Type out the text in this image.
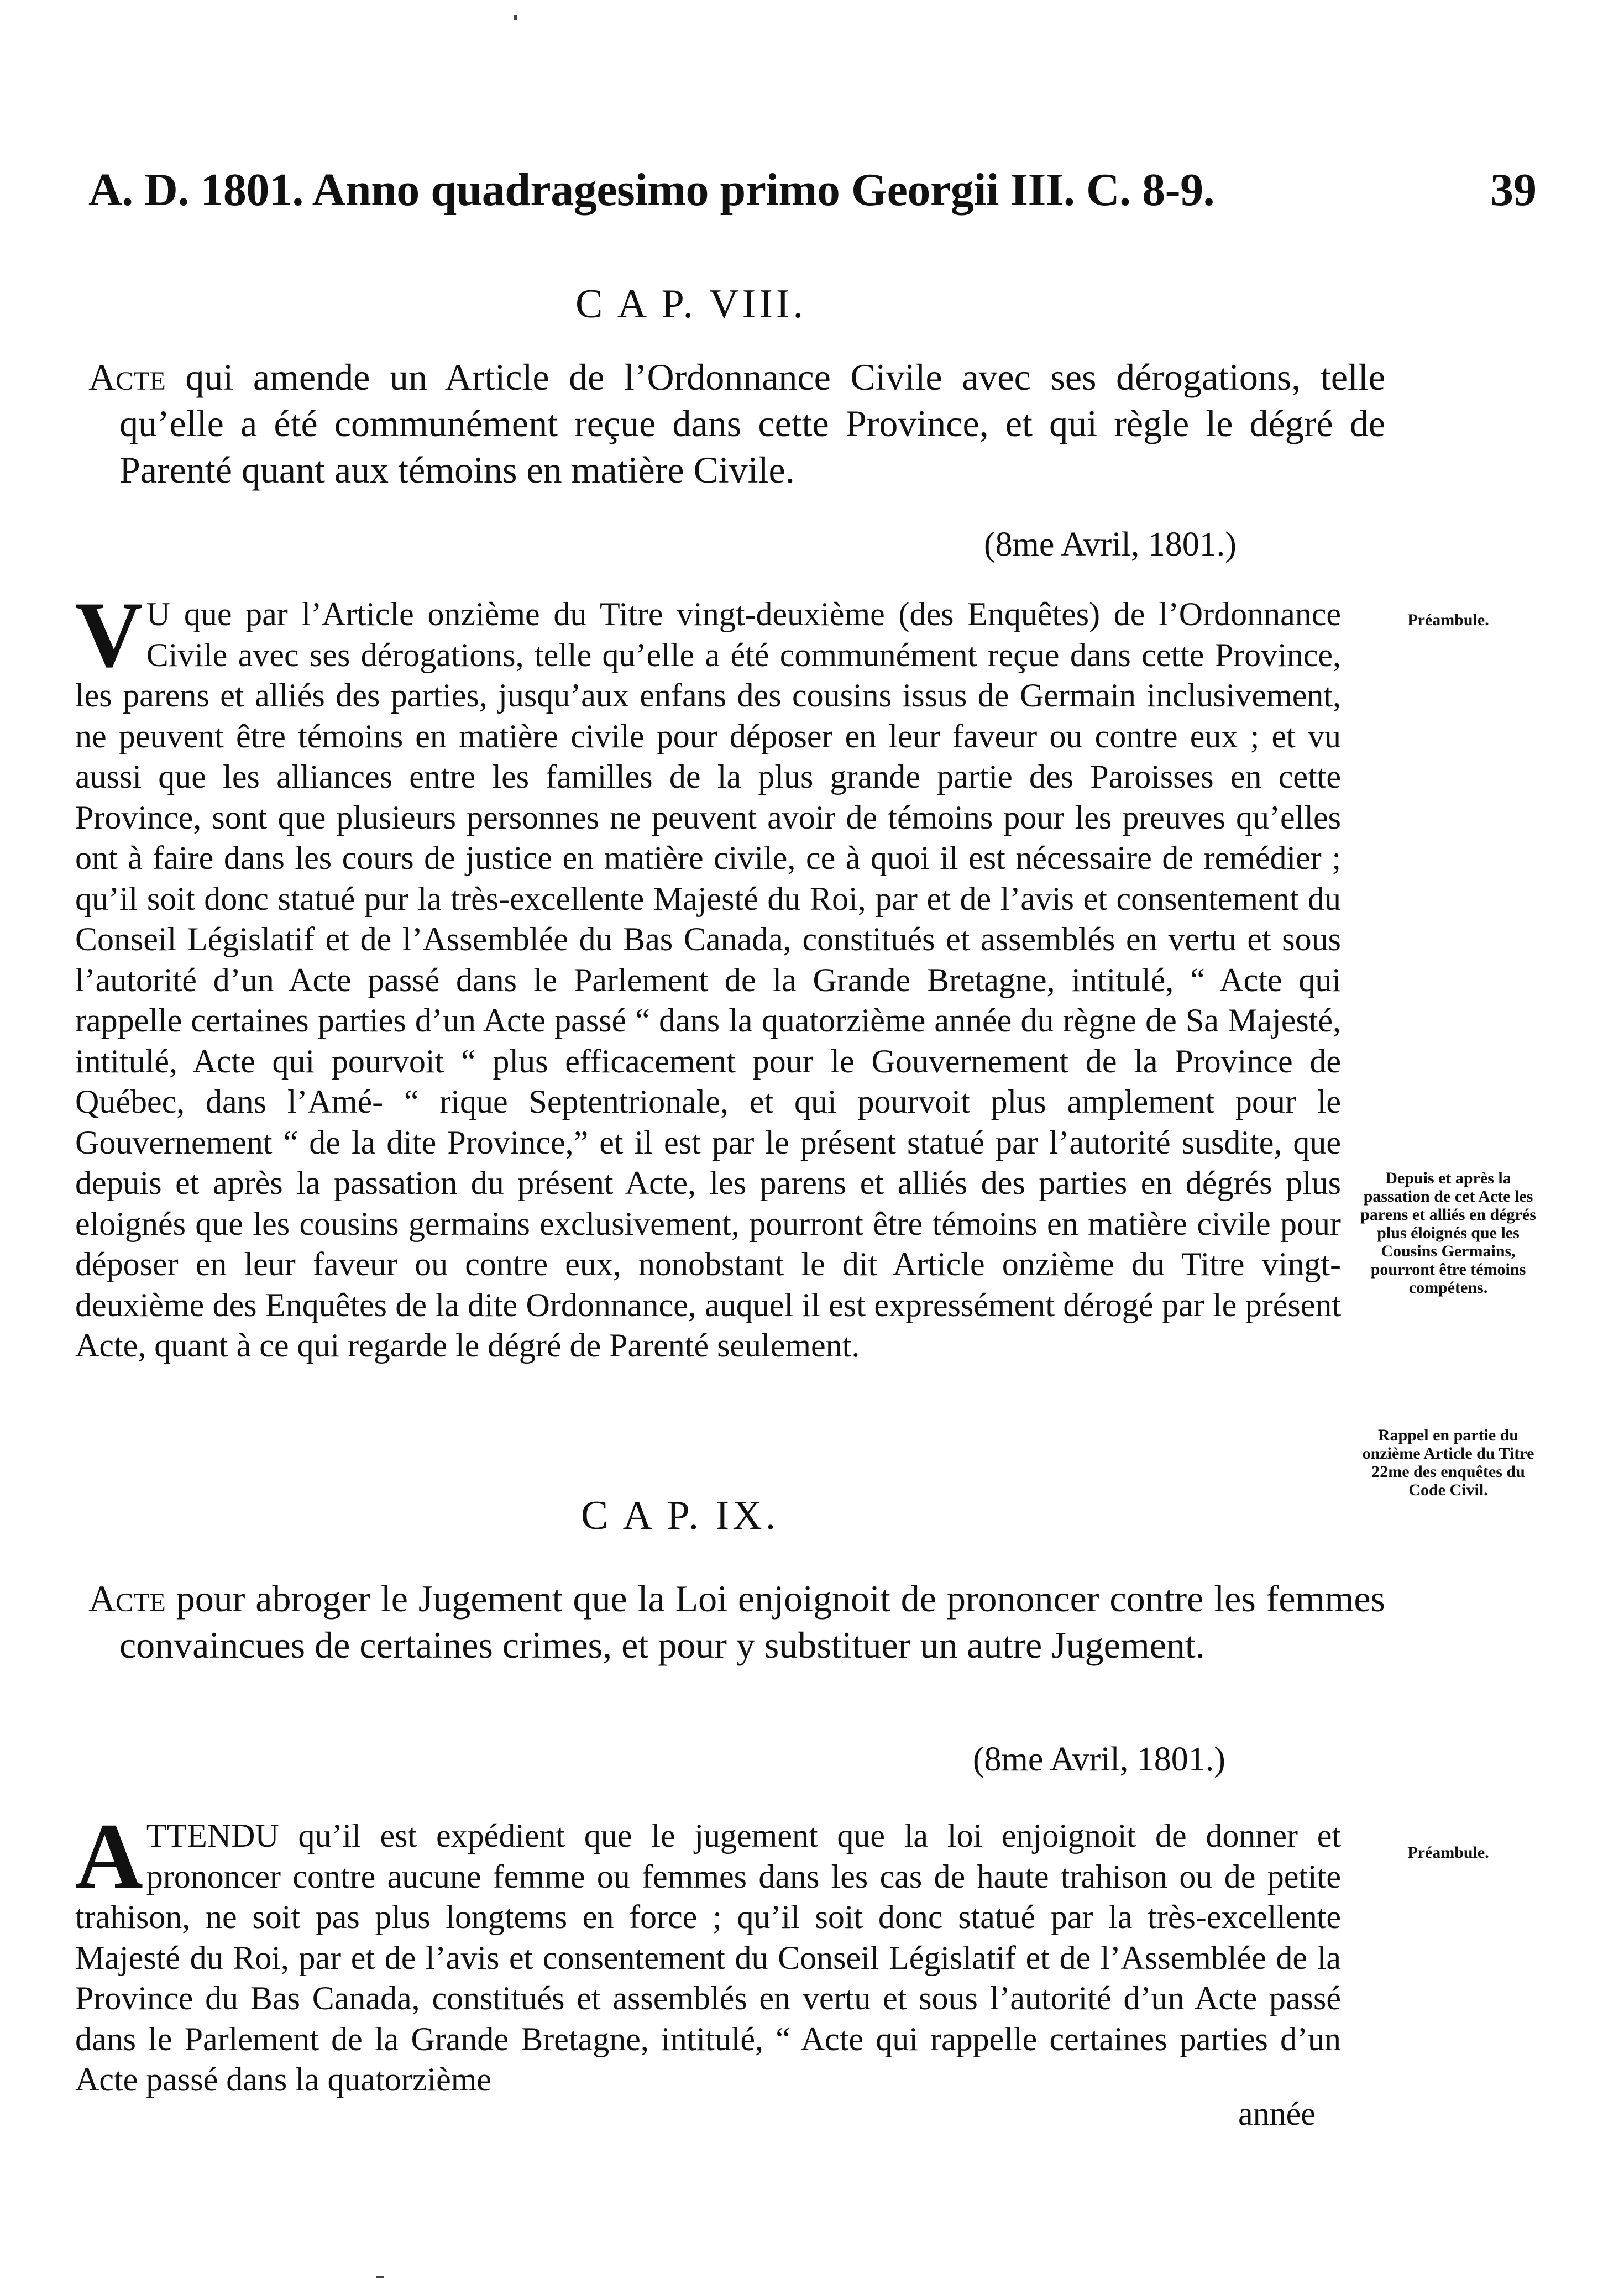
A. D. 1801. Anno quadragesimo primo Georgii III. C. 8-9.	39
C A P. VIII.

Acte qui amende un Article de l’Ordonnance Civile avec ses dérogations, telle qu’elle a été communément reçue dans cette Province, et qui règle le dégré de Parenté quant aux témoins en matière Civile.

(8me Avril, 1801.)

V U que par l’Article onzième du Titre vingt-deuxième (des Enquêtes) de l’Ordonnance Civile avec ses dérogations, telle qu’elle a été communément reçue dans cette Province, les parens et alliés des parties, jusqu’aux enfans des cousins issus de Germain inclusivement, ne peuvent être témoins en matière civile pour déposer en leur faveur ou contre eux ; et vu aussi que les alliances entre les familles de la plus grande partie des Paroisses en cette Province, sont que plusieurs personnes ne peuvent avoir de témoins pour les preuves qu’elles ont à faire dans les cours de justice en matière civile, ce à quoi il est nécessaire de remédier ; qu’il soit donc statué pur la très-excellente Majesté du Roi, par et de l’avis et consentement du Conseil Législatif et de l’Assemblée du Bas Canada, constitués et assemblés en vertu et sous l’autorité d’un Acte passé dans le Parlement de la Grande Bretagne, intitulé, “ Acte qui rappelle certaines parties d’un Acte passé “ dans la quatorzième année du règne de Sa Majesté, intitulé, Acte qui pourvoit “ plus efficacement pour le Gouvernement de la Province de Québec, dans l’Amé- “ rique Septentrionale, et qui pourvoit plus amplement pour le Gouvernement “ de la dite Province,” et il est par le présent statué par l’autorité susdite, que depuis et après la passation du présent Acte, les parens et alliés des parties en dégrés plus eloignés que les cousins germains exclusivement, pourront être témoins en matière civile pour déposer en leur faveur ou contre eux, nonobstant le dit Article onzième du Titre vingt-deuxième des Enquêtes de la dite Ordonnance, auquel il est expressément dérogé par le présent Acte, quant à ce qui regarde le dégré de Parenté seulement.

Préambule.
Depuis et après la passation de cet Acte les parens et alliés en dégrés plus éloignés que les Cousins Germains, pourront être témoins compétens.
Rappel en partie du onzième Article du Titre 22me des enquêtes du Code Civil.
C A P. IX.

Acte pour abroger le Jugement que la Loi enjoignoit de prononcer contre les femmes convaincues de certaines crimes, et pour y substituer un autre Jugement.

(8me Avril, 1801.)

ATTENDU qu’il est expédient que le jugement que la loi enjoignoit de donner et prononcer contre aucune femme ou femmes dans les cas de haute trahison ou de petite trahison, ne soit pas plus longtems en force ; qu’il soit donc statué par la très-excellente Majesté du Roi, par et de l’avis et consentement du Conseil Législatif et de l’Assemblée de la Province du Bas Canada, constitués et assemblés en vertu et sous l’autorité d’un Acte passé dans le Parlement de la Grande Bretagne, intitulé, “ Acte qui rappelle certaines parties d’un Acte passé dans la quatorzième

Préambule.
année
